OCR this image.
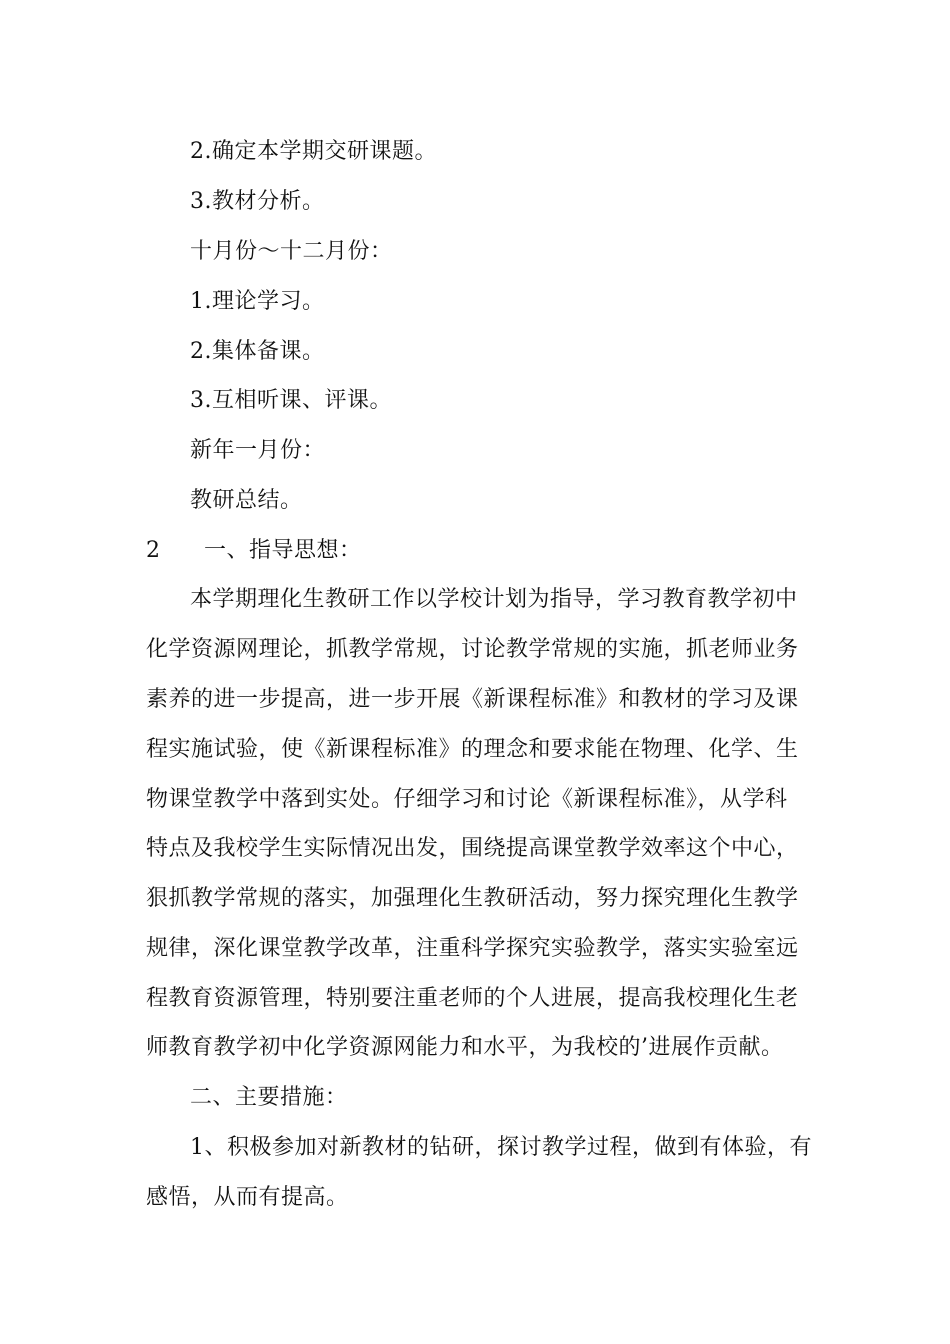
2.确定本学期交研课题。
3.教材分析。
十月份～十二月份：
1.理论学习。
2.集体备课。
3.互相听课、评课。
新年一月份：
教研总结。
2 一、指导思想：
本学期理化生教研工作以学校计划为指导，学习教育教学初中
化学资源网理论，抓教学常规，讨论教学常规的实施，抓老师业务
素养的进一步提高，进一步开展《新课程标准》和教材的学习及课
程实施试验，使《新课程标准》的理念和要求能在物理、化学、生
物课堂教学中落到实处。仔细学习和讨论《新课程标准》，从学科
特点及我校学生实际情况出发，围绕提高课堂教学效率这个中心，
狠抓教学常规的落实，加强理化生教研活动，努力探究理化生教学
规律，深化课堂教学改革，注重科学探究实验教学，落实实验室远
程教育资源管理，特别要注重老师的个人进展，提高我校理化生老
师教育教学初中化学资源网能力和水平，为我校的’进展作贡献。
二、主要措施：
1、积极参加对新教材的钻研，探讨教学过程，做到有体验，有
感悟，从而有提高。
